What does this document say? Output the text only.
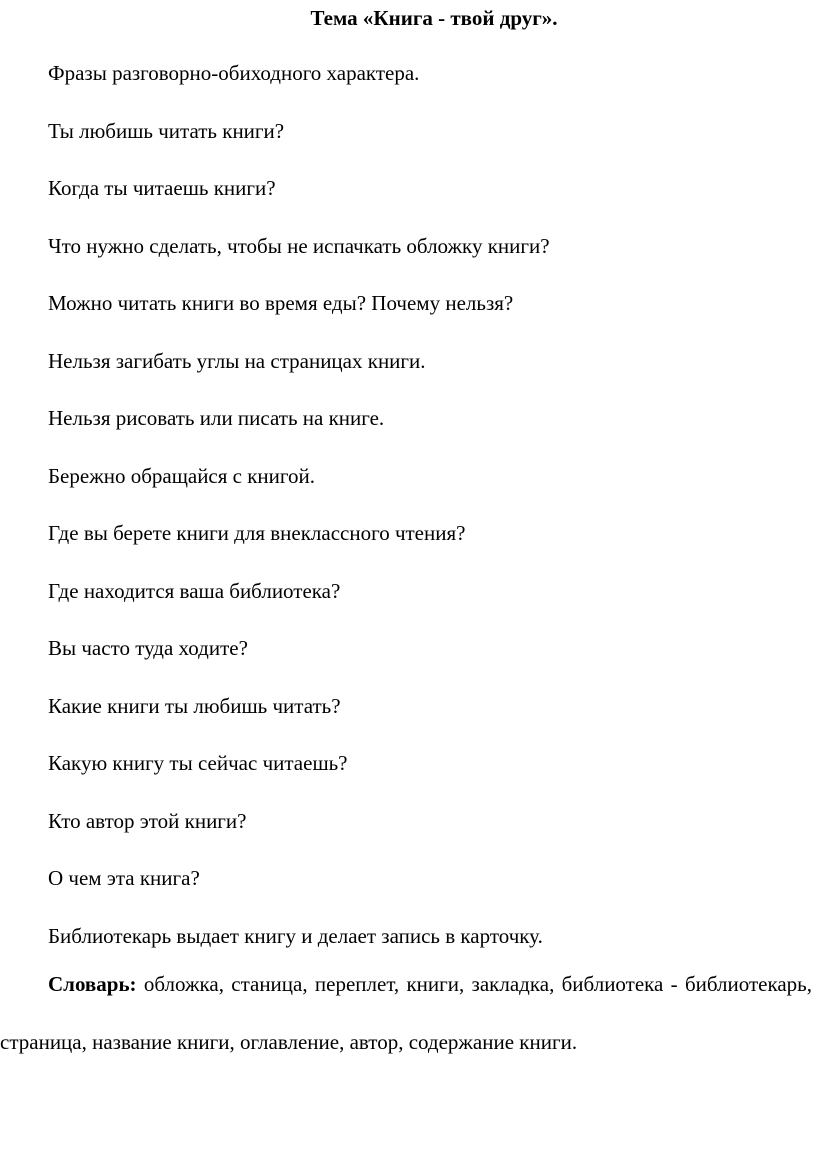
Тема «Книга - твой друг».
Фразы разговорно-обиходного характера.
Ты любишь читать книги?
Когда ты читаешь книги?
Что нужно сделать, чтобы не испачкать обложку книги?
Можно читать книги во время еды? Почему нельзя?
Нельзя загибать углы на страницах книги.
Нельзя рисовать или писать на книге.
Бережно обращайся с книгой.
Где вы берете книги для внеклассного чтения?
Где находится ваша библиотека?
Вы часто туда ходите?
Какие книги ты любишь читать?
Какую книгу ты сейчас читаешь?
Кто автор этой книги?
О чем эта книга?
Библиотекарь выдает книгу и делает запись в карточку.

Словарь: обложка, станица, переплет, книги, закладка, библиотека - библиотекарь, страница, название книги, оглавление, автор, содержание книги.
